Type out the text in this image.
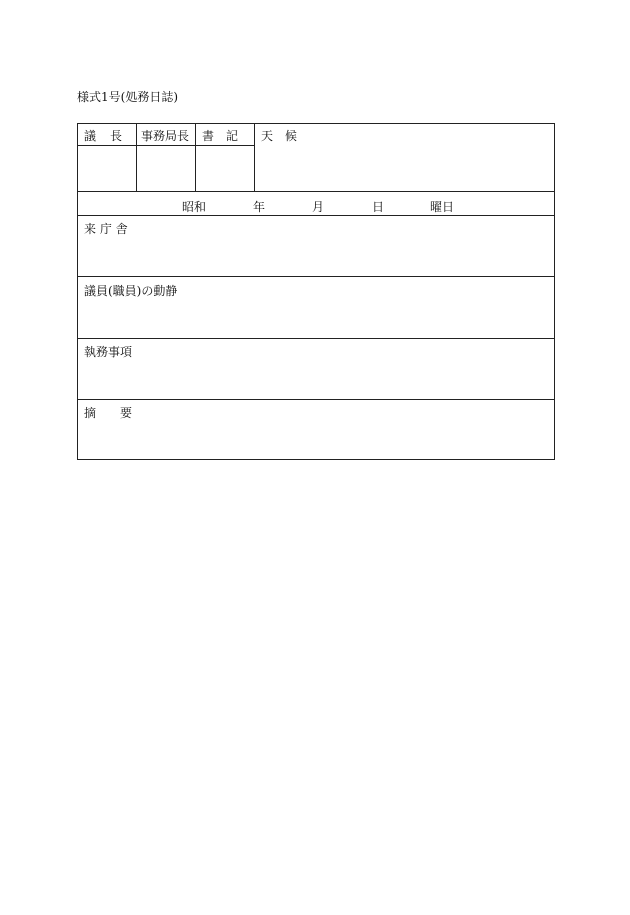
様式1号(処務日誌)
議　長	事務局長 書　記 天　候
昭和	年	月	日	曜日
来 庁 舎
議員(職員)の動静
執務事項
摘　　要
